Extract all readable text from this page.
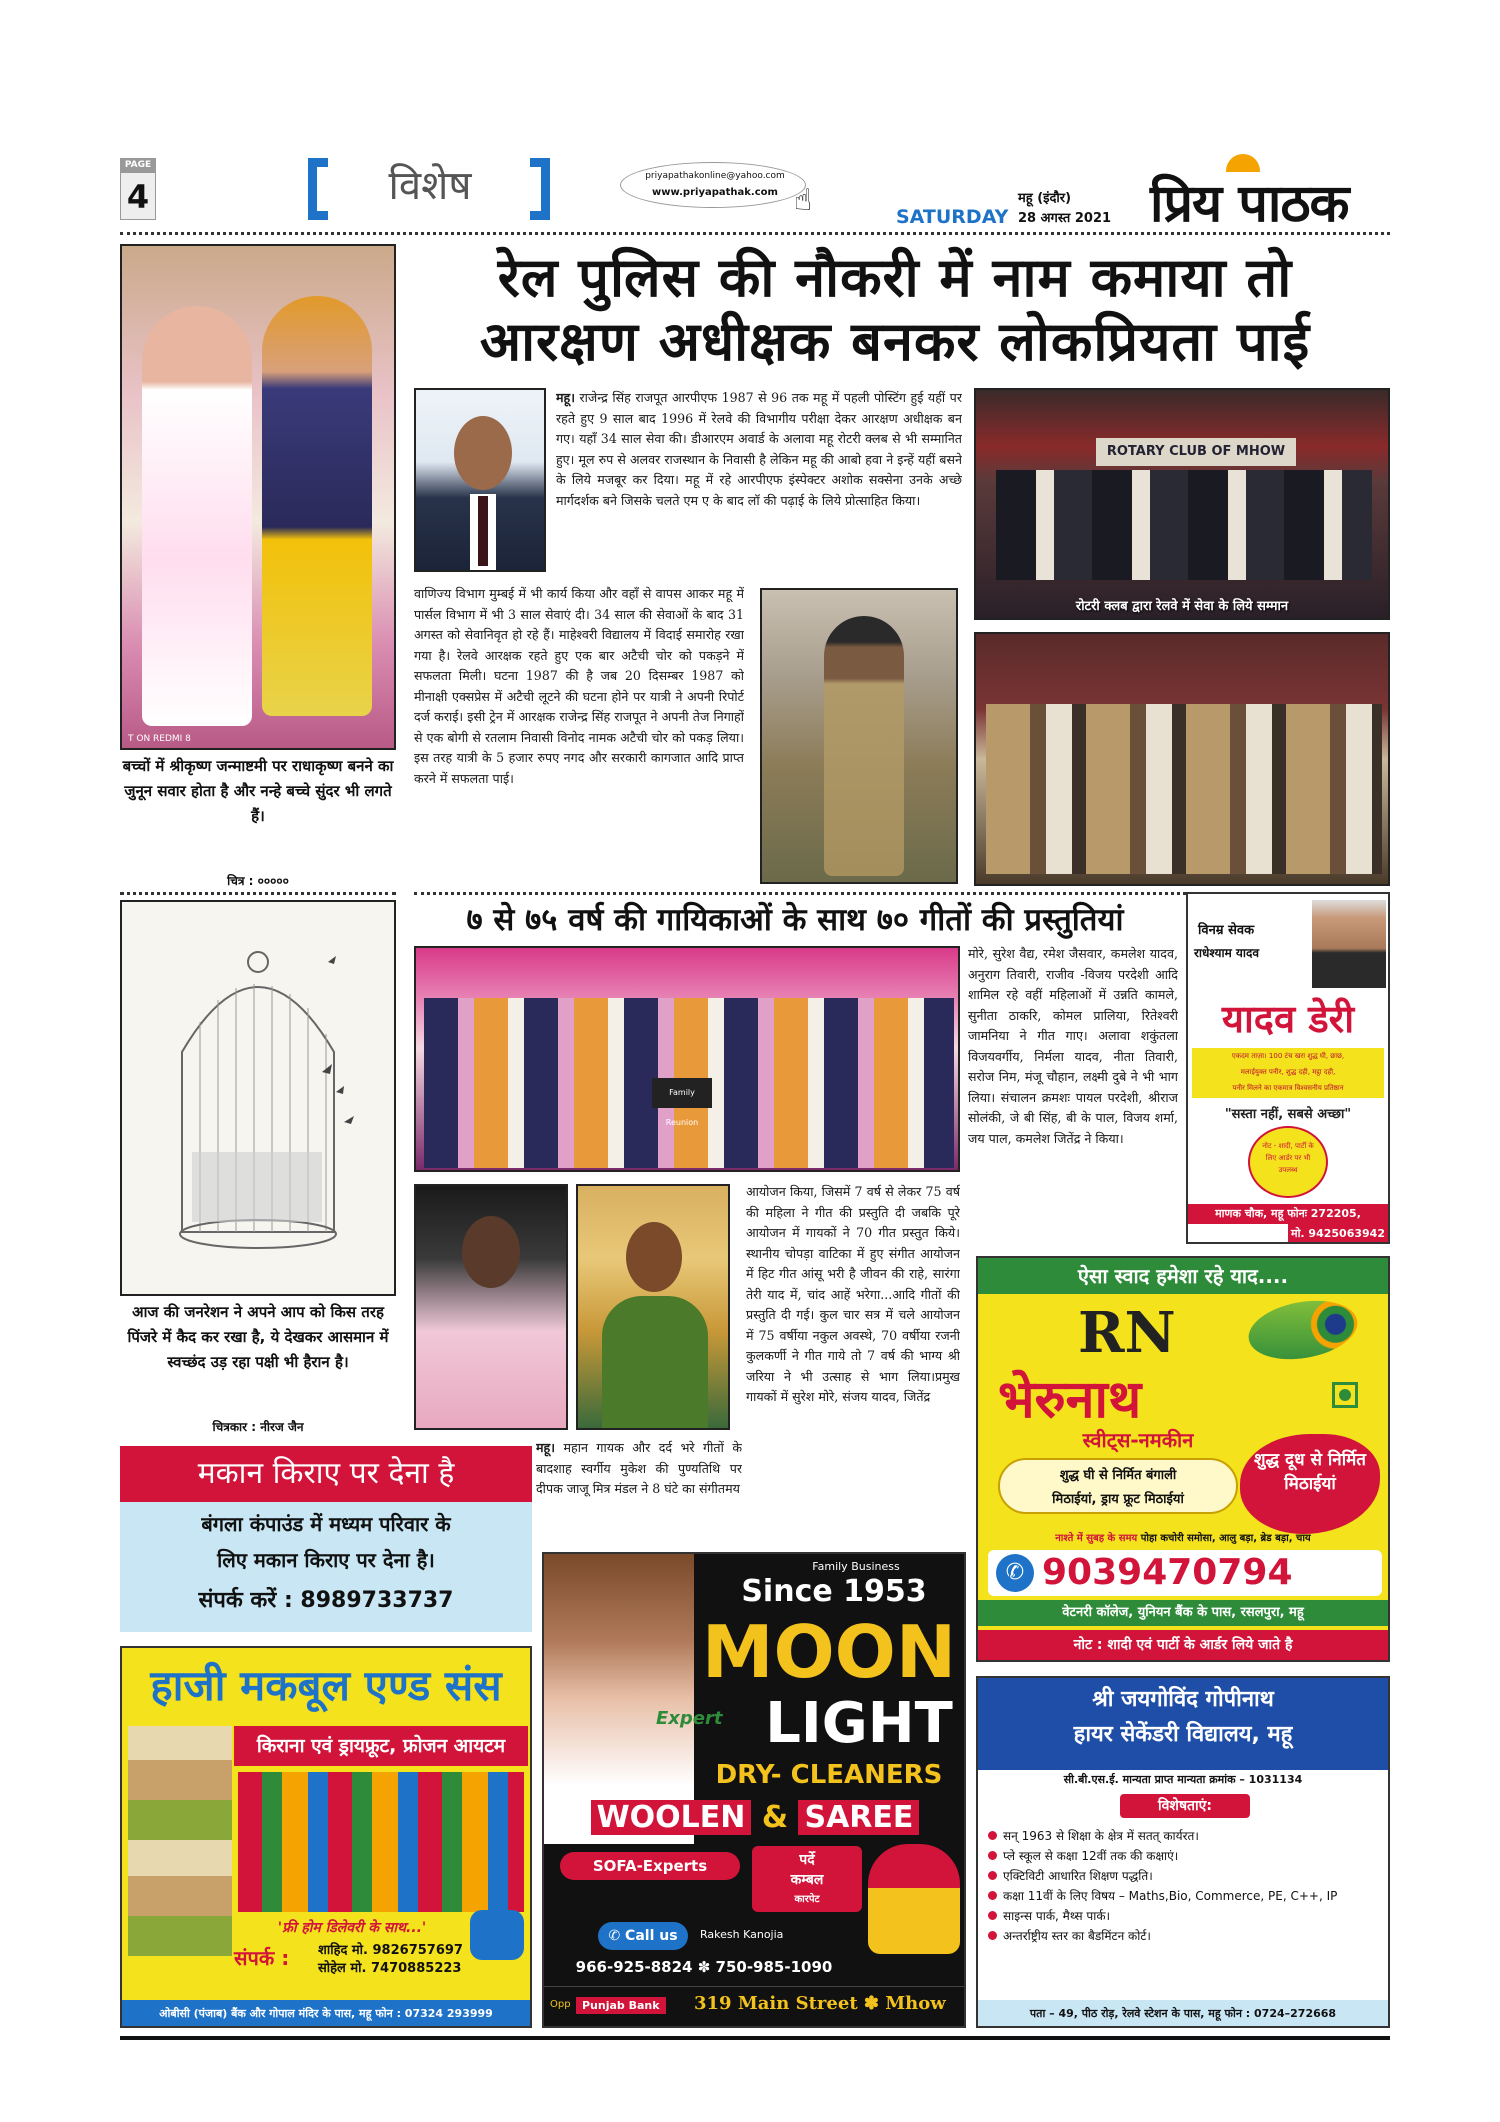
PAGE
4	विशेष	priyapathakonline@yahoo.com
www.priyapathak.com ☝	SATURDAY
महू (इंदौर)
28 अगस्त 2021 प्रिय पाठक
T ON REDMI 8
बच्चों में श्रीकृष्ण जन्माष्टमी पर राधाकृष्ण बनने का जुनून सवार होता है और नन्हे बच्चे सुंदर भी लगते हैं।
चित्र : ०००००
रेल पुलिस की नौकरी में नाम कमाया तो
आरक्षण अधीक्षक बनकर लोकप्रियता पाई
महू। राजेन्द्र सिंह राजपूत आरपीएफ 1987 से 96 तक महू में पहली पोस्टिंग हुई यहीं पर रहते हुए 9 साल बाद 1996 में रेलवे की विभागीय परीक्षा देकर आरक्षण अधीक्षक बन गए। यहाँ 34 साल सेवा की। डीआरएम अवार्ड के अलावा महू रोटरी क्लब से भी सम्मानित हुए। मूल रुप से अलवर राजस्थान के निवासी है लेकिन महू की आबो हवा ने इन्हें यहीं बसने के लिये मजबूर कर दिया। महू में रहे आरपीएफ इंस्पेक्टर अशोक सक्सेना उनके अच्छे मार्गदर्शक बने जिसके चलते एम ए के बाद लॉ की पढ़ाई के लिये प्रोत्साहित किया।
वाणिज्य विभाग मुम्बई में भी कार्य किया और वहाँ से वापस आकर महू में पार्सल विभाग में भी 3 साल सेवाएं दी। 34 साल की सेवाओं के बाद 31 अगस्त को सेवानिवृत हो रहे हैं। माहेश्वरी विद्यालय में विदाई समारोह रखा गया है। रेलवे आरक्षक रहते हुए एक बार अटैची चोर को पकड़ने में सफलता मिली। घटना 1987 की है जब 20 दिसम्बर 1987 को मीनाक्षी एक्सप्रेस में अटैची लूटने की घटना होने पर यात्री ने अपनी रिपोर्ट दर्ज कराई। इसी ट्रेन में आरक्षक राजेन्द्र सिंह राजपूत ने अपनी तेज निगाहों से एक बोगी से रतलाम निवासी विनोद नामक अटैची चोर को पकड़ लिया। इस तरह यात्री के 5 हजार रुपए नगद और सरकारी कागजात आदि प्राप्त करने में सफलता पाई।
ROTARY CLUB OF MHOW
रोटरी क्लब द्वारा रेलवे में सेवा के लिये सम्मान
आज की जनरेशन ने अपने आप को किस तरह पिंजरे में कैद कर रखा है, ये देखकर आसमान में स्वच्छंद उड़ रहा पक्षी भी हैरान है।
चित्रकार : नीरज जैन
७ से ७५ वर्ष की गायिकाओं के साथ ७० गीतों की प्रस्तुतियां
Family Reunion
मोरे, सुरेश वैद्य, रमेश जैसवार, कमलेश यादव, अनुराग तिवारी, राजीव -विजय परदेशी आदि शामिल रहे वहीं महिलाओं में उन्नति कामले, सुनीता ठाकरि, कोमल प्रालिया, रितेश्वरी जामनिया ने गीत गाए। अलावा शकुंतला विजयवर्गीय, निर्मला यादव, नीता तिवारी, सरोज निम, मंजू चौहान, लक्ष्मी दुबे ने भी भाग लिया। संचालन क्रमशः पायल परदेशी, श्रीराज सोलंकी, जे बी सिंह, बी के पाल, विजय शर्मा, जय पाल, कमलेश जितेंद्र ने किया।
आयोजन किया, जिसमें 7 वर्ष से लेकर 75 वर्ष की महिला ने गीत की प्रस्तुति दी जबकि पूरे आयोजन में गायकों ने 70 गीत प्रस्तुत किये। स्थानीय चोपड़ा वाटिका में हुए संगीत आयोजन में हिट गीत आंसू भरी है जीवन की राहे, सारंगा तेरी याद में, चांद आहें भरेगा...आदि गीतों की प्रस्तुति दी गई। कुल चार सत्र में चले आयोजन में 75 वर्षीया नकुल अवस्थे, 70 वर्षीया रजनी कुलकर्णी ने गीत गाये तो 7 वर्ष की भाग्य श्री जरिया ने भी उत्साह से भाग लिया।प्रमुख गायकों में सुरेश मोरे, संजय यादव, जितेंद्र
महू। महान गायक और दर्द भरे गीतों के बादशाह स्वर्गीय मुकेश की पुण्यतिथि पर दीपक जाजू मित्र मंडल ने 8 घंटे का संगीतमय
विनम्र सेवक
राधेश्याम यादव
यादव डेरी
एकदम ताज़ा। 100 टंच खरा शुद्ध घी, छाछ,
मलाईयुक्त पनीर, शुद्ध दही, मट्ठा दही,
पनीर मिलने का एकमात्र विश्वसनीय प्रतिष्ठान
"सस्ता नहीं, सबसे अच्छा"
नोट - शादी, पार्टी के लिए आर्डर पर भी उपलब्ध
माणक चौक, महू फोनः 272205,
मो. 9425063942
ऐसा स्वाद हमेशा रहे याद....
RN
भेरुनाथ
स्वीट्स-नमकीन
शुद्ध घी से निर्मित बंगाली
मिठाईयां, ड्राय फ्रूट मिठाईयां
शुद्ध दूध से निर्मित मिठाईयां
नाश्ते में सुबह के समय पोहा कचोरी समोसा, आलु बड़ा, ब्रेड बड़ा, चाय
✆ 9039470794
वेटनरी कॉलेज, युनियन बैंक के पास, रसलपुरा, महू
नोट : शादी एवं पार्टी के आर्डर लिये जाते है
मकान किराए पर देना है
बंगला कंपाउंड में मध्यम परिवार के
लिए मकान किराए पर देना है।
संपर्क करें : 8989733737
हाजी मकबूल एण्ड संस
किराना एवं ड्रायफ्रूट, फ्रोजन आयटम
'फ्री होम डिलेवरी के साथ...'
संपर्क : शाहिद मो. 9826757697
सोहेल मो. 7470885223
ओबीसी (पंजाब) बैंक और गोपाल मंदिर के पास, महू फोन : 07324 293999
Family Business
Since 1953
MOON
LIGHT
Expert
DRY- CLEANERS
WOOLEN & SAREE
SOFA-Experts	पर्दे
कम्बल
कारपेट
✆ Call us	Rakesh Kanojia
966-925-8824 ✽ 750-985-1090
Opp	Punjab Bank	319 Main Street ✽ Mhow
श्री जयगोविंद गोपीनाथ
हायर सेकेंडरी विद्यालय, महू
सी.बी.एस.ई. मान्यता प्राप्त मान्यता क्रमांक – 1031134
विशेषताएं:
सन् 1963 से शिक्षा के क्षेत्र में सतत् कार्यरत।
प्ले स्कूल से कक्षा 12वीं तक की कक्षाएं।
एक्टिविटी आधारित शिक्षण पद्धति।
कक्षा 11वीं के लिए विषय – Maths,Bio, Commerce, PE, C++, IP
साइन्स पार्क, मैथ्स पार्क।
अन्तर्राष्ट्रीय स्तर का बैडमिंटन कोर्ट।
पता – 49, पीठ रोड़, रेलवे स्टेशन के पास, महू फोन : 0724–272668
